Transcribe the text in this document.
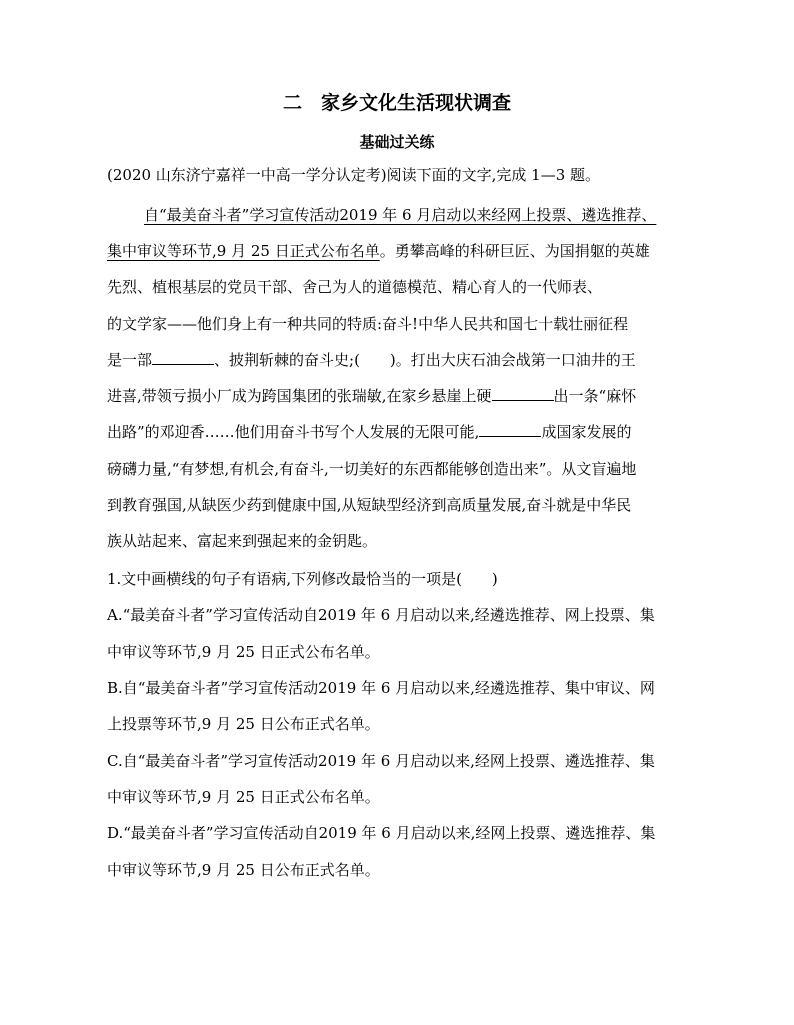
二　家乡文化生活现状调查
基础过关练
(2020 山东济宁嘉祥一中高一学分认定考)阅读下面的文字,完成 1—3 题。
自“最美奋斗者”学习宣传活动2019 年 6 月启动以来经网上投票、遴选推荐、
集中审议等环节,9 月 25 日正式公布名单。勇攀高峰的科研巨匠、为国捐躯的英雄
先烈、植根基层的党员干部、舍己为人的道德模范、精心育人的一代师表、
的文学家——他们身上有一种共同的特质:奋斗!中华人民共和国七十载壮丽征程
是一部	、披荆斩棘的奋斗史;(　　)。打出大庆石油会战第一口油井的王
进喜,带领亏损小厂成为跨国集团的张瑞敏,在家乡悬崖上硬	出一条“麻怀
出路”的邓迎香……他们用奋斗书写个人发展的无限可能,	成国家发展的
磅礴力量,“有梦想,有机会,有奋斗,一切美好的东西都能够创造出来”。从文盲遍地
到教育强国,从缺医少药到健康中国,从短缺型经济到高质量发展,奋斗就是中华民
族从站起来、富起来到强起来的金钥匙。
1.文中画横线的句子有语病,下列修改最恰当的一项是(　　)
A.“最美奋斗者”学习宣传活动自2019 年 6 月启动以来,经遴选推荐、网上投票、集
中审议等环节,9 月 25 日正式公布名单。
B.自“最美奋斗者”学习宣传活动2019 年 6 月启动以来,经遴选推荐、集中审议、网
上投票等环节,9 月 25 日公布正式名单。
C.自“最美奋斗者”学习宣传活动2019 年 6 月启动以来,经网上投票、遴选推荐、集
中审议等环节,9 月 25 日正式公布名单。
D.“最美奋斗者”学习宣传活动自2019 年 6 月启动以来,经网上投票、遴选推荐、集
中审议等环节,9 月 25 日公布正式名单。
